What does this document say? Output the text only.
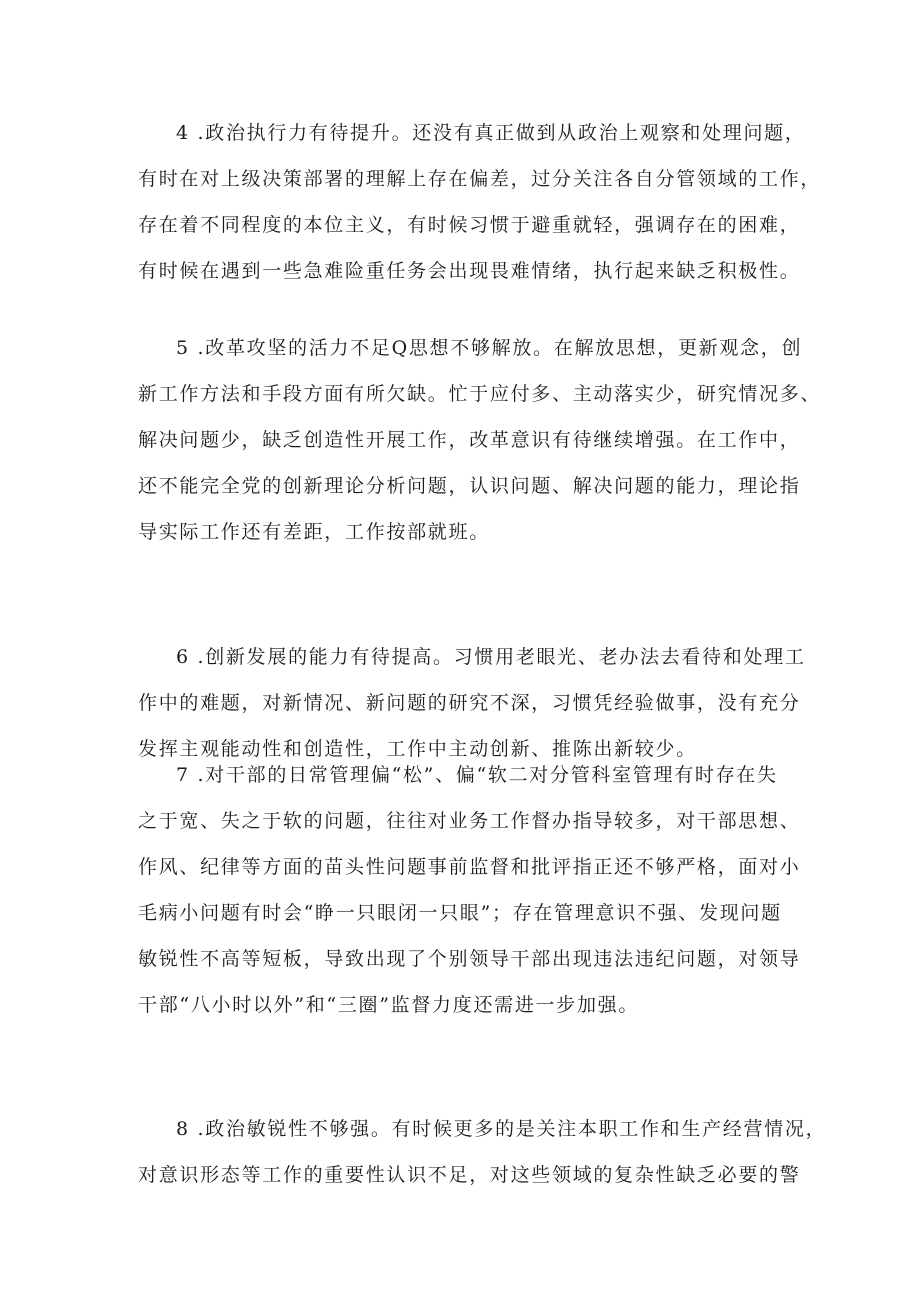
4 .政治执行力有待提升。还没有真正做到从政治上观察和处理问题，
有时在对上级决策部署的理解上存在偏差，过分关注各自分管领域的工作，
存在着不同程度的本位主义，有时候习惯于避重就轻，强调存在的困难，
有时候在遇到一些急难险重任务会出现畏难情绪，执行起来缺乏积极性。
5 .改革攻坚的活力不足Q思想不够解放。在解放思想，更新观念，创
新工作方法和手段方面有所欠缺。忙于应付多、主动落实少，研究情况多、
解决问题少，缺乏创造性开展工作，改革意识有待继续增强。在工作中，
还不能完全党的创新理论分析问题，认识问题、解决问题的能力，理论指
导实际工作还有差距，工作按部就班。
6 .创新发展的能力有待提高。习惯用老眼光、老办法去看待和处理工
作中的难题，对新情况、新问题的研究不深，习惯凭经验做事，没有充分
发挥主观能动性和创造性，工作中主动创新、推陈出新较少。
7 .对干部的日常管理偏“松”、偏“软二对分管科室管理有时存在失
之于宽、失之于软的问题，往往对业务工作督办指导较多，对干部思想、
作风、纪律等方面的苗头性问题事前监督和批评指正还不够严格，面对小
毛病小问题有时会“睁一只眼闭一只眼”；存在管理意识不强、发现问题
敏锐性不高等短板，导致出现了个别领导干部出现违法违纪问题，对领导
干部“八小时以外”和“三圈”监督力度还需进一步加强。
8 .政治敏锐性不够强。有时候更多的是关注本职工作和生产经营情况，
对意识形态等工作的重要性认识不足，对这些领域的复杂性缺乏必要的警
